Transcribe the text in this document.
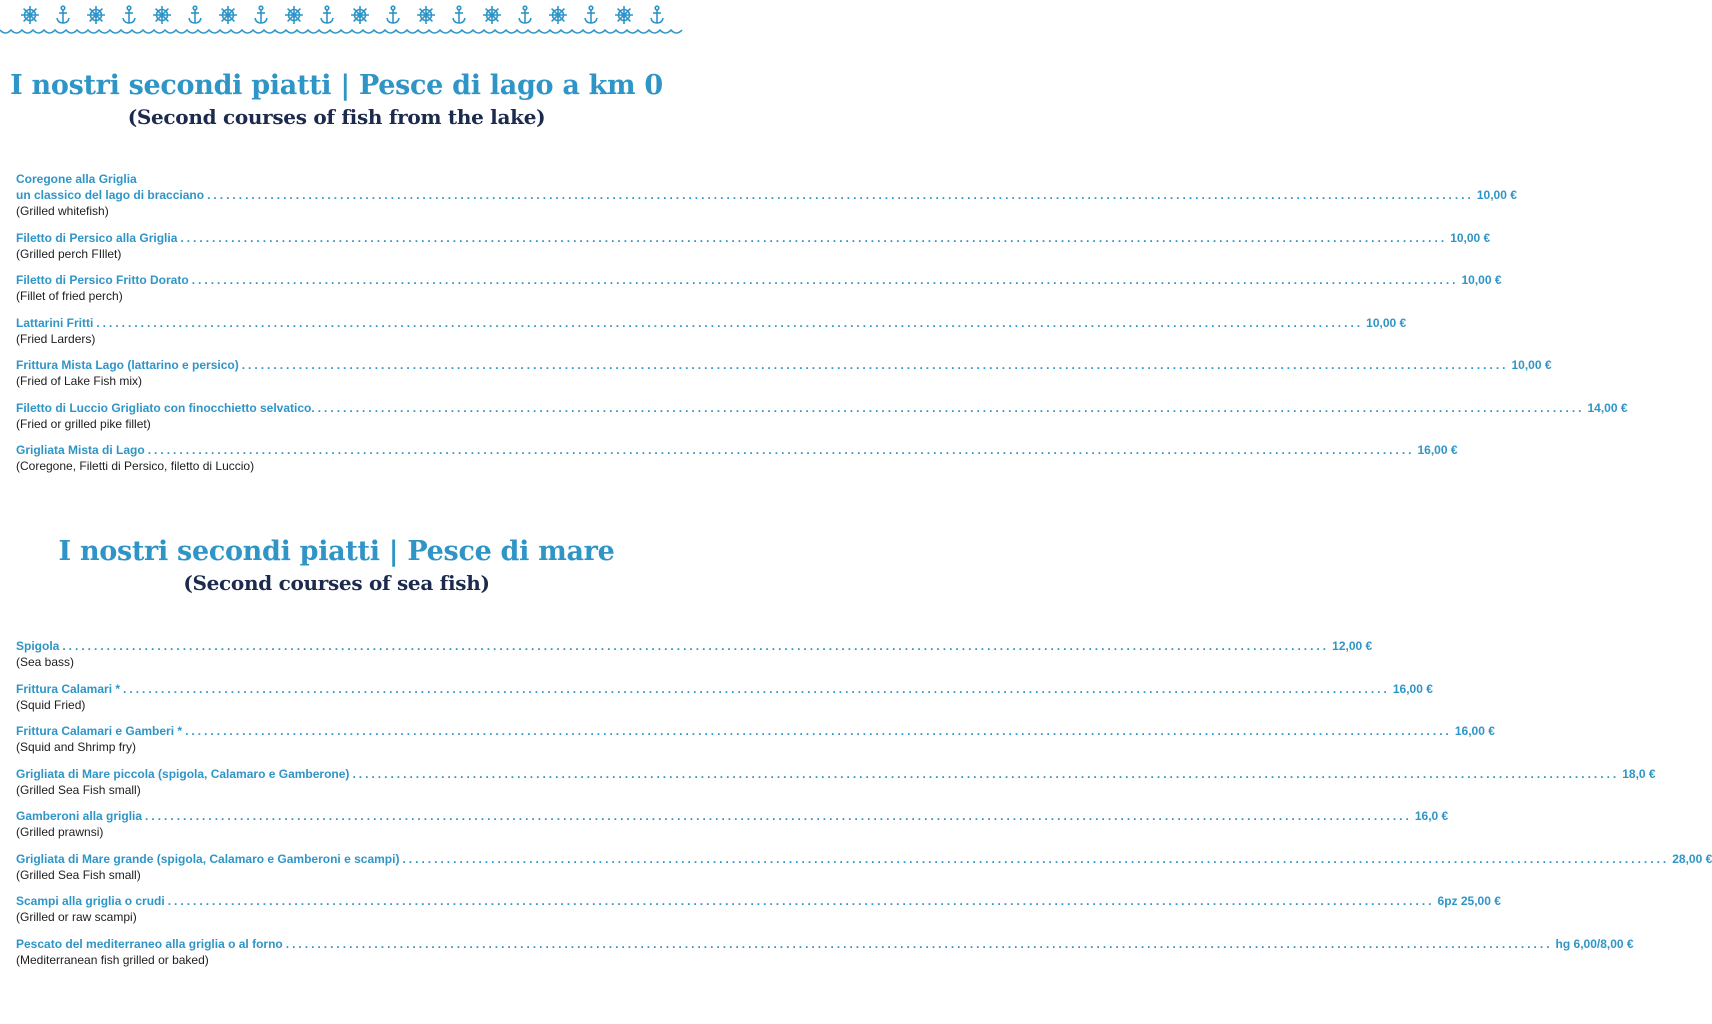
I nostri secondi piatti | Pesce di lago a km 0
(Second courses of fish from the lake)
Coregone alla Griglia
un classico del lago di bracciano ........................................................................................................................................................................................................ 10,00 €
(Grilled whitefish)
Filetto di Persico alla Griglia ........................................................................................................................................................................................................ 10,00 €
(Grilled perch FIllet)
Filetto di Persico Fritto Dorato ........................................................................................................................................................................................................ 10,00 €
(Fillet of fried perch)
Lattarini Fritti ........................................................................................................................................................................................................ 10,00 €
(Fried Larders)
Frittura Mista Lago (lattarino e persico) ........................................................................................................................................................................................................ 10,00 €
(Fried of Lake Fish mix)
Filetto di Luccio Grigliato con finocchietto selvatico. ........................................................................................................................................................................................................ 14,00 €
(Fried or grilled pike fillet)
Grigliata Mista di Lago ........................................................................................................................................................................................................ 16,00 €
(Coregone, Filetti di Persico, filetto di Luccio)
I nostri secondi piatti | Pesce di mare
(Second courses of sea fish)
Spigola ........................................................................................................................................................................................................ 12,00 €
(Sea bass)
Frittura Calamari * ........................................................................................................................................................................................................ 16,00 €
(Squid Fried)
Frittura Calamari e Gamberi * ........................................................................................................................................................................................................ 16,00 €
(Squid and Shrimp fry)
Grigliata di Mare piccola (spigola, Calamaro e Gamberone) ........................................................................................................................................................................................................ 18,0 €
(Grilled Sea Fish small)
Gamberoni alla griglia ........................................................................................................................................................................................................ 16,0 €
(Grilled prawnsi)
Grigliata di Mare grande (spigola, Calamaro e Gamberoni e scampi) ........................................................................................................................................................................................................ 28,00 €
(Grilled Sea Fish small)
Scampi alla griglia o crudi ........................................................................................................................................................................................................ 6pz 25,00 €
(Grilled or raw scampi)
Pescato del mediterraneo alla griglia o al forno ........................................................................................................................................................................................................ hg 6,00/8,00 €
(Mediterranean fish grilled or baked)
